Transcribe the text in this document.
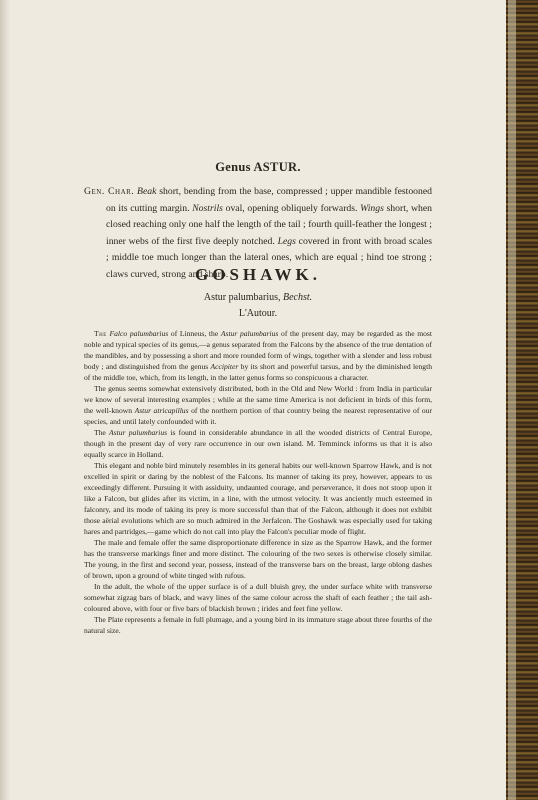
Genus ASTUR.
Gen. Char. Beak short, bending from the base, compressed ; upper mandible festooned on its cutting margin. Nostrils oval, opening obliquely forwards. Wings short, when closed reaching only one half the length of the tail ; fourth quill-feather the longest ; inner webs of the first five deeply notched. Legs covered in front with broad scales ; middle toe much longer than the lateral ones, which are equal ; hind toe strong ; claws curved, strong and sharp.
GOSHAWK.
Astur palumbarius, Bechst.
L'Autour.

The Falco palumbarius of Linneus, the Astur palumbarius of the present day, may be regarded as the most noble and typical species of its genus,—a genus separated from the Falcons by the absence of the true dentation of the mandibles, and by possessing a short and more rounded form of wings, together with a slender and less robust body ; and distinguished from the genus Accipiter by its short and powerful tarsus, and by the diminished length of the middle toe, which, from its length, in the latter genus forms so conspicuous a character.

The genus seems somewhat extensively distributed, both in the Old and New World : from India in particular we know of several interesting examples ; while at the same time America is not deficient in birds of this form, the well-known Astur atricapillus of the northern portion of that country being the nearest representative of our species, and until lately confounded with it.

The Astur palumbarius is found in considerable abundance in all the wooded districts of Central Europe, though in the present day of very rare occurrence in our own island. M. Temminck informs us that it is also equally scarce in Holland.

This elegant and noble bird minutely resembles in its general habits our well-known Sparrow Hawk, and is not excelled in spirit or daring by the noblest of the Falcons. Its manner of taking its prey, however, appears to us exceedingly different. Pursuing it with assiduity, undaunted courage, and perseverance, it does not stoop upon it like a Falcon, but glides after its victim, in a line, with the utmost velocity. It was anciently much esteemed in falconry, and its mode of taking its prey is more successful than that of the Falcon, although it does not exhibit those aërial evolutions which are so much admired in the Jerfalcon. The Goshawk was especially used for taking hares and partridges,—game which do not call into play the Falcon's peculiar mode of flight.

The male and female offer the same disproportionate difference in size as the Sparrow Hawk, and the former has the transverse markings finer and more distinct. The colouring of the two sexes is otherwise closely similar. The young, in the first and second year, possess, instead of the transverse bars on the breast, large oblong dashes of brown, upon a ground of white tinged with rufous.

In the adult, the whole of the upper surface is of a dull bluish grey, the under surface white with transverse somewhat zigzag bars of black, and wavy lines of the same colour across the shaft of each feather ; the tail ash-coloured above, with four or five bars of blackish brown ; irides and feet fine yellow.

The Plate represents a female in full plumage, and a young bird in its immature stage about three fourths of the natural size.
